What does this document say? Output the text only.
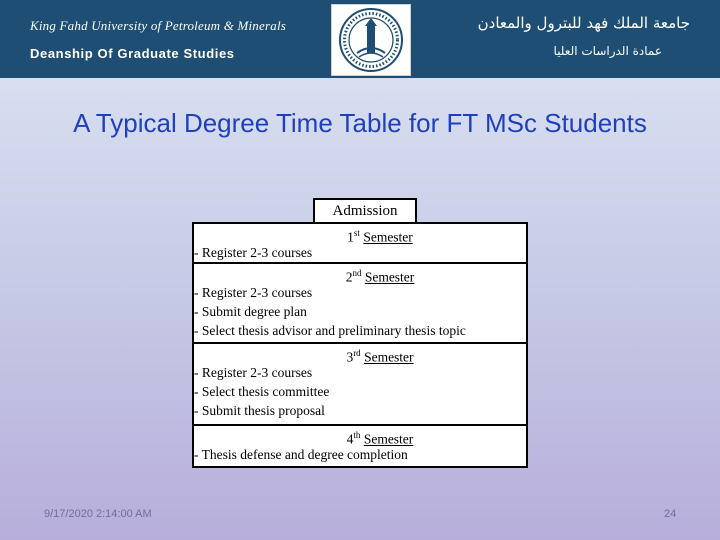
King Fahd University of Petroleum & Minerals
Deanship Of Graduate Studies
جامعة الملك فهد للبترول والمعادن
عمادة الدراسات العليا
A Typical Degree Time Table for FT MSc Students
Admission
1st Semester
- Register 2-3 courses
2nd Semester
- Register 2-3 courses
- Submit degree plan
- Select thesis advisor and preliminary thesis topic
3rd Semester
- Register 2-3 courses
- Select thesis committee
- Submit thesis proposal
4th Semester
- Thesis defense and degree completion
9/17/2020 2:14:00 AM	24
